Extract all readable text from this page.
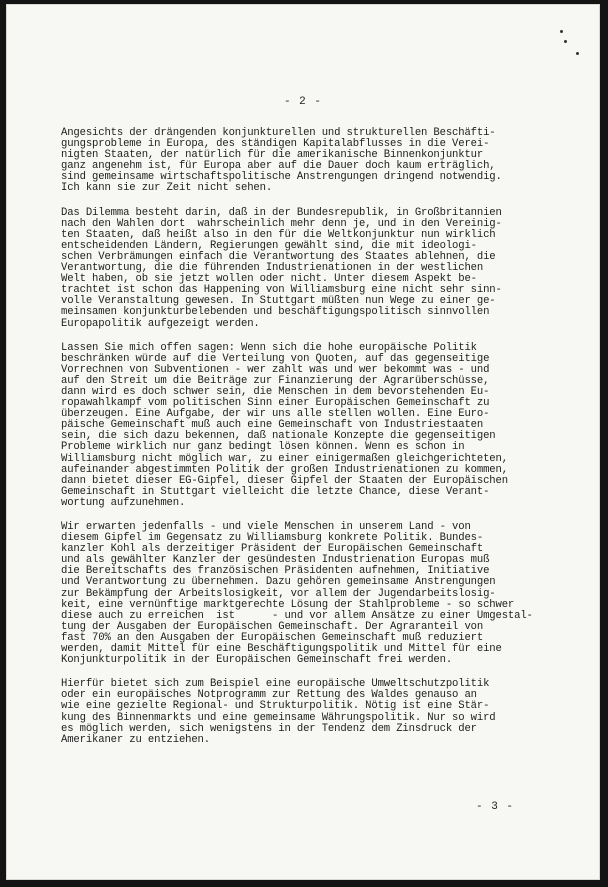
- 2 -
Angesichts der drängenden konjunkturellen und strukturellen Beschäfti-
gungsprobleme in Europa, des ständigen Kapitalabflusses in die Verei-
nigten Staaten, der natürlich für die amerikanische Binnenkonjunktur
ganz angenehm ist, für Europa aber auf die Dauer doch kaum erträglich,
sind gemeinsame wirtschaftspolitische Anstrengungen dringend notwendig.
Ich kann sie zur Zeit nicht sehen.
Das Dilemma besteht darin, daß in der Bundesrepublik, in Großbritannien
nach den Wahlen dort  wahrscheinlich mehr denn je, und in den Vereinig-
ten Staaten, daß heißt also in den für die Weltkonjunktur nun wirklich
entscheidenden Ländern, Regierungen gewählt sind, die mit ideologi-
schen Verbrämungen einfach die Verantwortung des Staates ablehnen, die
Verantwortung, die die führenden Industrienationen in der westlichen
Welt haben, ob sie jetzt wollen oder nicht. Unter diesem Aspekt be-
trachtet ist schon das Happening von Williamsburg eine nicht sehr sinn-
volle Veranstaltung gewesen. In Stuttgart müßten nun Wege zu einer ge-
meinsamen konjunkturbelebenden und beschäftigungspolitisch sinnvollen
Europapolitik aufgezeigt werden.
Lassen Sie mich offen sagen: Wenn sich die hohe europäische Politik
beschränken würde auf die Verteilung von Quoten, auf das gegenseitige
Vorrechnen von Subventionen - wer zahlt was und wer bekommt was - und
auf den Streit um die Beiträge zur Finanzierung der Agrarüberschüsse,
dann wird es doch schwer sein, die Menschen in dem bevorstehenden Eu-
ropawahlkampf vom politischen Sinn einer Europäischen Gemeinschaft zu
überzeugen. Eine Aufgabe, der wir uns alle stellen wollen. Eine Euro-
päische Gemeinschaft muß auch eine Gemeinschaft von Industriestaaten
sein, die sich dazu bekennen, daß nationale Konzepte die gegenseitigen
Probleme wirklich nur ganz bedingt lösen können. Wenn es schon in
Williamsburg nicht möglich war, zu einer einigermaßen gleichgerichteten,
aufeinander abgestimmten Politik der großen Industrienationen zu kommen,
dann bietet dieser EG-Gipfel, dieser Gipfel der Staaten der Europäischen
Gemeinschaft in Stuttgart vielleicht die letzte Chance, diese Verant-
wortung aufzunehmen.
Wir erwarten jedenfalls - und viele Menschen in unserem Land - von
diesem Gipfel im Gegensatz zu Williamsburg konkrete Politik. Bundes-
kanzler Kohl als derzeitiger Präsident der Europäischen Gemeinschaft
und als gewählter Kanzler der gesündesten Industrienation Europas muß
die Bereitschafts des französischen Präsidenten aufnehmen, Initiative
und Verantwortung zu übernehmen. Dazu gehören gemeinsame Anstrengungen
zur Bekämpfung der Arbeitslosigkeit, vor allem der Jugendarbeitslosig-
keit, eine vernünftige marktgerechte Lösung der Stahlprobleme - so schwer
diese auch zu erreichen  ist      - und vor allem Ansätze zu einer Umgestal-
tung der Ausgaben der Europäischen Gemeinschaft. Der Agraranteil von
fast 70% an den Ausgaben der Europäischen Gemeinschaft muß reduziert
werden, damit Mittel für eine Beschäftigungspolitik und Mittel für eine
Konjunkturpolitik in der Europäischen Gemeinschaft frei werden.
Hierfür bietet sich zum Beispiel eine europäische Umweltschutzpolitik
oder ein europäisches Notprogramm zur Rettung des Waldes genauso an
wie eine gezielte Regional- und Strukturpolitik. Nötig ist eine Stär-
kung des Binnenmarkts und eine gemeinsame Währungspolitik. Nur so wird
es möglich werden, sich wenigstens in der Tendenz dem Zinsdruck der
Amerikaner zu entziehen.
- 3 -
